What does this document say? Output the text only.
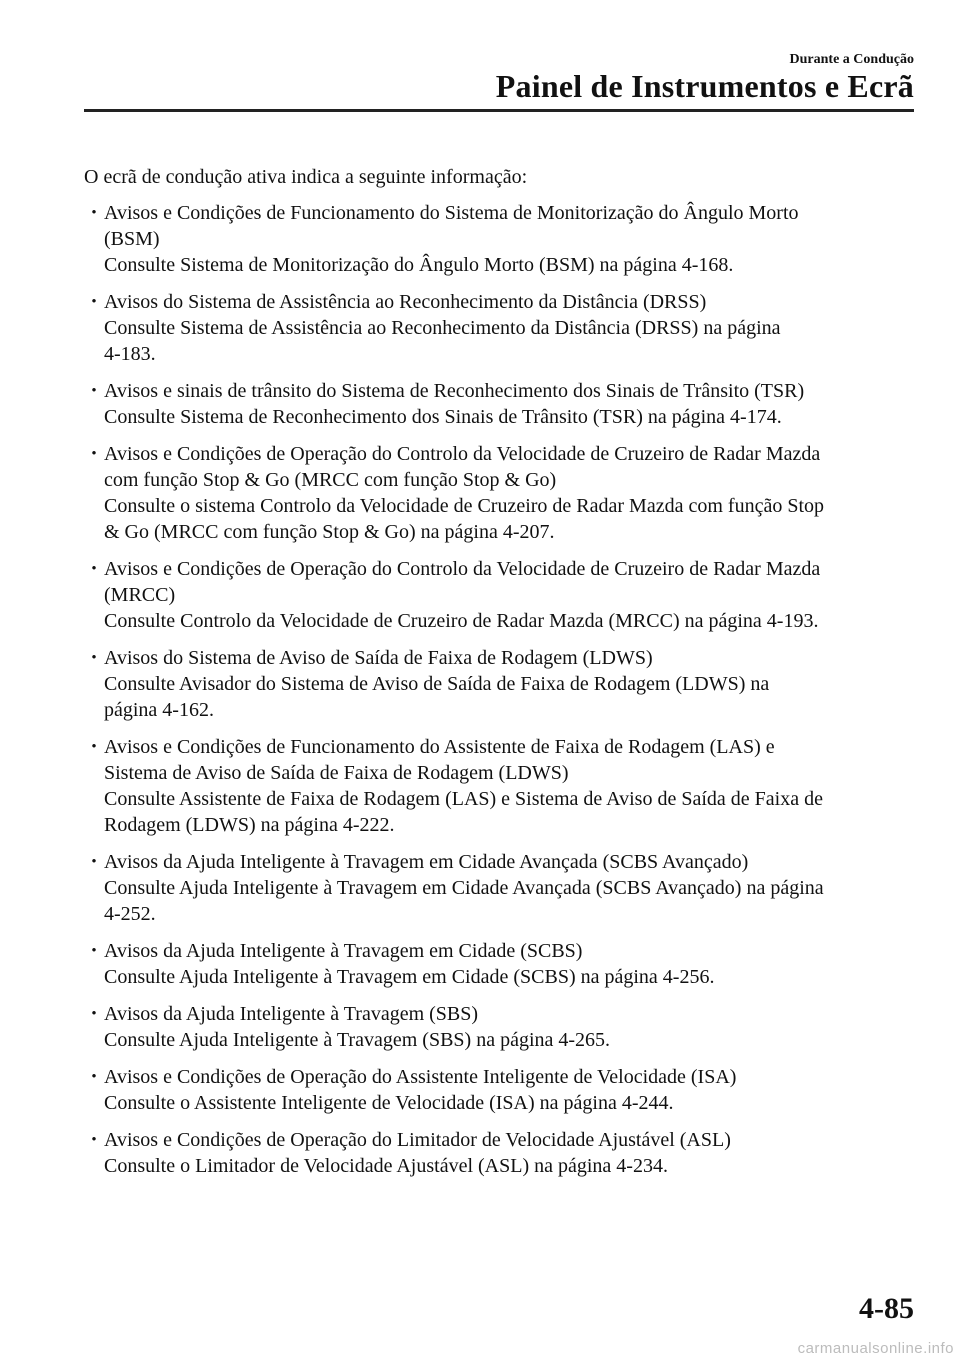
Durante a Condução
Painel de Instrumentos e Ecrã

O ecrã de condução ativa indica a seguinte informação:

• Avisos e Condições de Funcionamento do Sistema de Monitorização do Ângulo Morto
(BSM)
Consulte Sistema de Monitorização do Ângulo Morto (BSM) na página 4-168.
• Avisos do Sistema de Assistência ao Reconhecimento da Distância (DRSS)
Consulte Sistema de Assistência ao Reconhecimento da Distância (DRSS) na página
4-183.
• Avisos e sinais de trânsito do Sistema de Reconhecimento dos Sinais de Trânsito (TSR)
Consulte Sistema de Reconhecimento dos Sinais de Trânsito (TSR) na página 4-174.
• Avisos e Condições de Operação do Controlo da Velocidade de Cruzeiro de Radar Mazda
com função Stop & Go (MRCC com função Stop & Go)
Consulte o sistema Controlo da Velocidade de Cruzeiro de Radar Mazda com função Stop
& Go (MRCC com função Stop & Go) na página 4-207.
• Avisos e Condições de Operação do Controlo da Velocidade de Cruzeiro de Radar Mazda
(MRCC)
Consulte Controlo da Velocidade de Cruzeiro de Radar Mazda (MRCC) na página 4-193.
• Avisos do Sistema de Aviso de Saída de Faixa de Rodagem (LDWS)
Consulte Avisador do Sistema de Aviso de Saída de Faixa de Rodagem (LDWS) na
página 4-162.
• Avisos e Condições de Funcionamento do Assistente de Faixa de Rodagem (LAS) e
Sistema de Aviso de Saída de Faixa de Rodagem (LDWS)
Consulte Assistente de Faixa de Rodagem (LAS) e Sistema de Aviso de Saída de Faixa de
Rodagem (LDWS) na página 4-222.
• Avisos da Ajuda Inteligente à Travagem em Cidade Avançada (SCBS Avançado)
Consulte Ajuda Inteligente à Travagem em Cidade Avançada (SCBS Avançado) na página
4-252.
• Avisos da Ajuda Inteligente à Travagem em Cidade (SCBS)
Consulte Ajuda Inteligente à Travagem em Cidade (SCBS) na página 4-256.
• Avisos da Ajuda Inteligente à Travagem (SBS)
Consulte Ajuda Inteligente à Travagem (SBS) na página 4-265.
• Avisos e Condições de Operação do Assistente Inteligente de Velocidade (ISA)
Consulte o Assistente Inteligente de Velocidade (ISA) na página 4-244.
• Avisos e Condições de Operação do Limitador de Velocidade Ajustável (ASL)
Consulte o Limitador de Velocidade Ajustável (ASL) na página 4-234.
4-85
carmanualsonline.info
